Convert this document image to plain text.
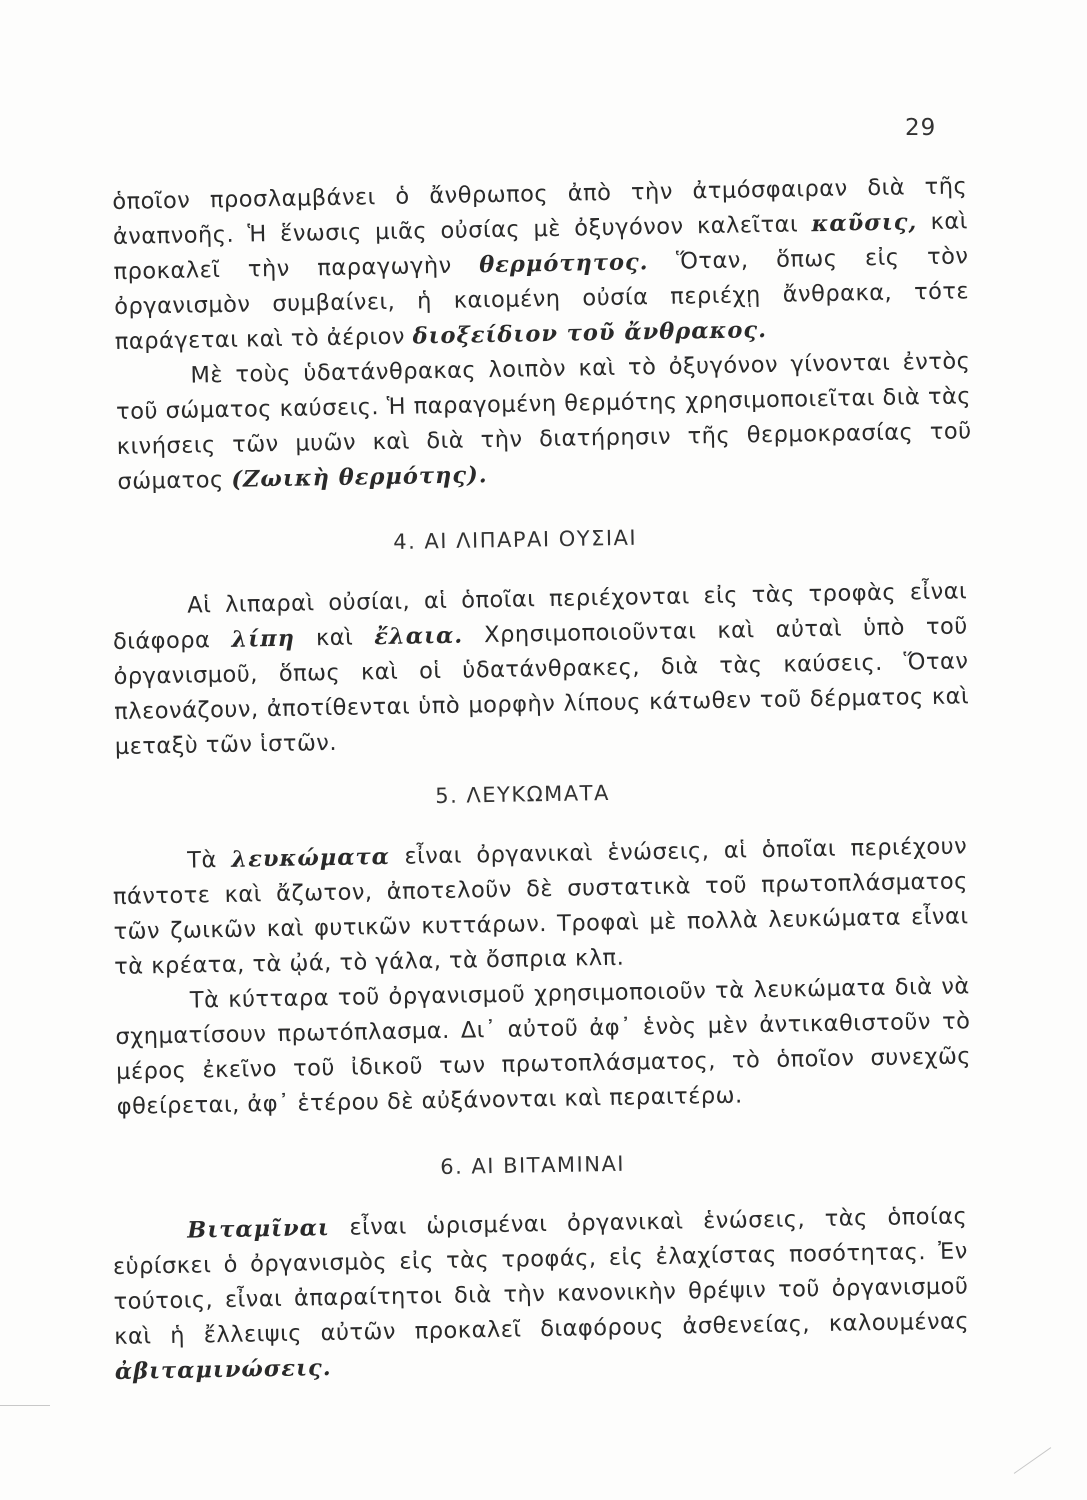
29

ὁποῖον προσλαμβάνει ὁ ἄνθρωπος ἀπὸ τὴν ἀτμόσφαιραν διὰ τῆς ἀναπνοῆς. Ἡ ἕνωσις μιᾶς οὐσίας μὲ ὀξυγόνον καλεῖται καῦσις, καὶ προκαλεῖ τὴν παραγωγὴν θερμότητος. Ὅταν, ὅπως εἰς τὸν ὀργανισμὸν συμβαίνει, ἡ καιομένη οὐσία περιέχῃ ἄνθρακα, τότε παράγεται καὶ τὸ ἀέριον διοξείδιον τοῦ ἄνθρακος.

Μὲ τοὺς ὑδατάνθρακας λοιπὸν καὶ τὸ ὀξυγόνον γίνονται ἐντὸς τοῦ σώματος καύσεις. Ἡ παραγομένη θερμότης χρησιμοποιεῖται διὰ τὰς κινήσεις τῶν μυῶν καὶ διὰ τὴν διατήρησιν τῆς θερμοκρασίας τοῦ σώματος (Ζωικὴ θερμότης).

4. ΑΙ ΛΙΠΑΡΑΙ ΟΥΣΙΑΙ

Αἱ λιπαραὶ οὐσίαι, αἱ ὁποῖαι περιέχονται εἰς τὰς τροφὰς εἶναι διάφορα λίπη καὶ ἔλαια. Χρησιμοποιοῦνται καὶ αὐταὶ ὑπὸ τοῦ ὀργανισμοῦ, ὅπως καὶ οἱ ὑδατάνθρακες, διὰ τὰς καύσεις. Ὅταν πλεονάζουν, ἀποτίθενται ὑπὸ μορφὴν λίπους κάτωθεν τοῦ δέρματος καὶ μεταξὺ τῶν ἱστῶν.

5. ΛΕΥΚΩΜΑΤΑ

Τὰ λευκώματα εἶναι ὀργανικαὶ ἑνώσεις, αἱ ὁποῖαι περιέχουν πάντοτε καὶ ἄζωτον, ἀποτελοῦν δὲ συστατικὰ τοῦ πρωτοπλάσματος τῶν ζωικῶν καὶ φυτικῶν κυττάρων. Τροφαὶ μὲ πολλὰ λευκώματα εἶναι τὰ κρέατα, τὰ ᾠά, τὸ γάλα, τὰ ὄσπρια κλπ.

Τὰ κύτταρα τοῦ ὀργανισμοῦ χρησιμοποιοῦν τὰ λευκώματα διὰ νὰ σχηματίσουν πρωτόπλασμα. Δι᾽ αὐτοῦ ἀφ᾽ ἑνὸς μὲν ἀντικαθιστοῦν τὸ μέρος ἐκεῖνο τοῦ ἰδικοῦ των πρωτοπλάσματος, τὸ ὁποῖον συνεχῶς φθείρεται, ἀφ᾽ ἑτέρου δὲ αὐξάνονται καὶ περαιτέρω.

6. ΑΙ ΒΙΤΑΜΙΝΑΙ

Βιταμῖναι εἶναι ὡρισμέναι ὀργανικαὶ ἑνώσεις, τὰς ὁποίας εὑρίσκει ὁ ὀργανισμὸς εἰς τὰς τροφάς, εἰς ἐλαχίστας ποσότητας. Ἐν τούτοις, εἶναι ἀπαραίτητοι διὰ τὴν κανονικὴν θρέψιν τοῦ ὀργανισμοῦ καὶ ἡ ἔλλειψις αὐτῶν προκαλεῖ διαφόρους ἀσθενείας, καλουμένας ἀβιταμινώσεις.
